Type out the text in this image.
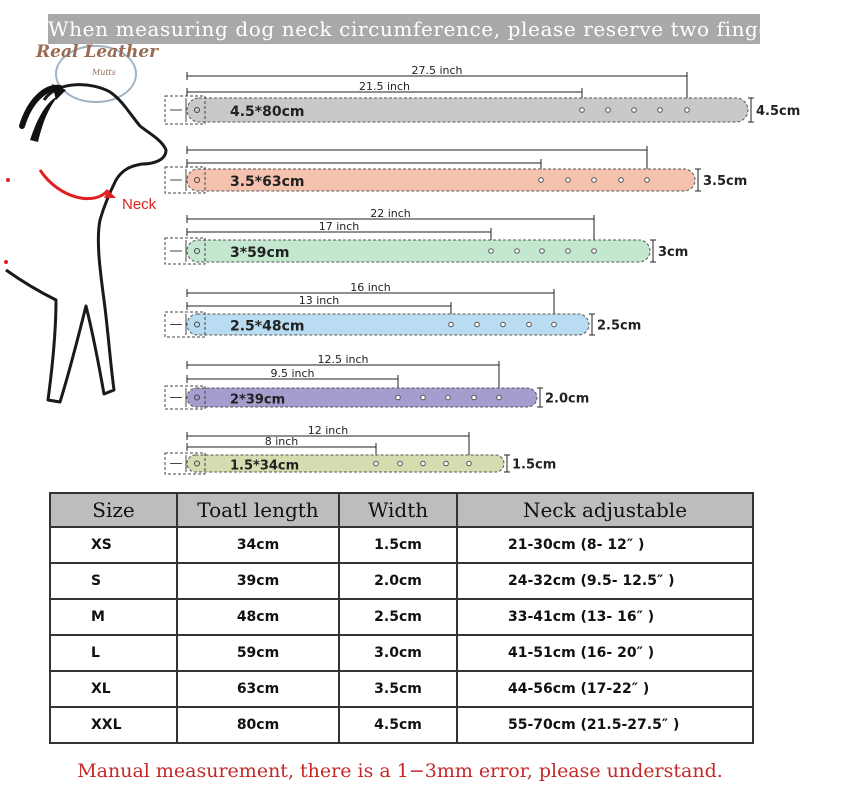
When measuring dog neck circumference, please reserve two fingers size.
Real Leather
Mutts
Neck
27.5 inch
21.5 inch
4.5*80cm	4.5cm
3.5*63cm	3.5cm
22 inch
17 inch
3*59cm	3cm
16 inch
13 inch
2.5*48cm	2.5cm
12.5 inch
9.5 inch
2*39cm	2.0cm
12 inch
8 inch
1.5*34cm	1.5cm
Size	Toatl length	Width	Neck adjustable
XS	34cm	1.5cm	21-30cm (8- 12″ )
S	39cm	2.0cm	24-32cm (9.5- 12.5″ )
M	48cm	2.5cm	33-41cm (13- 16″ )
L	59cm	3.0cm	41-51cm (16- 20″ )
XL	63cm	3.5cm	44-56cm (17-22″ )
XXL	80cm	4.5cm	55-70cm (21.5-27.5″ )
Manual measurement, there is a 1−3mm error, please understand.
